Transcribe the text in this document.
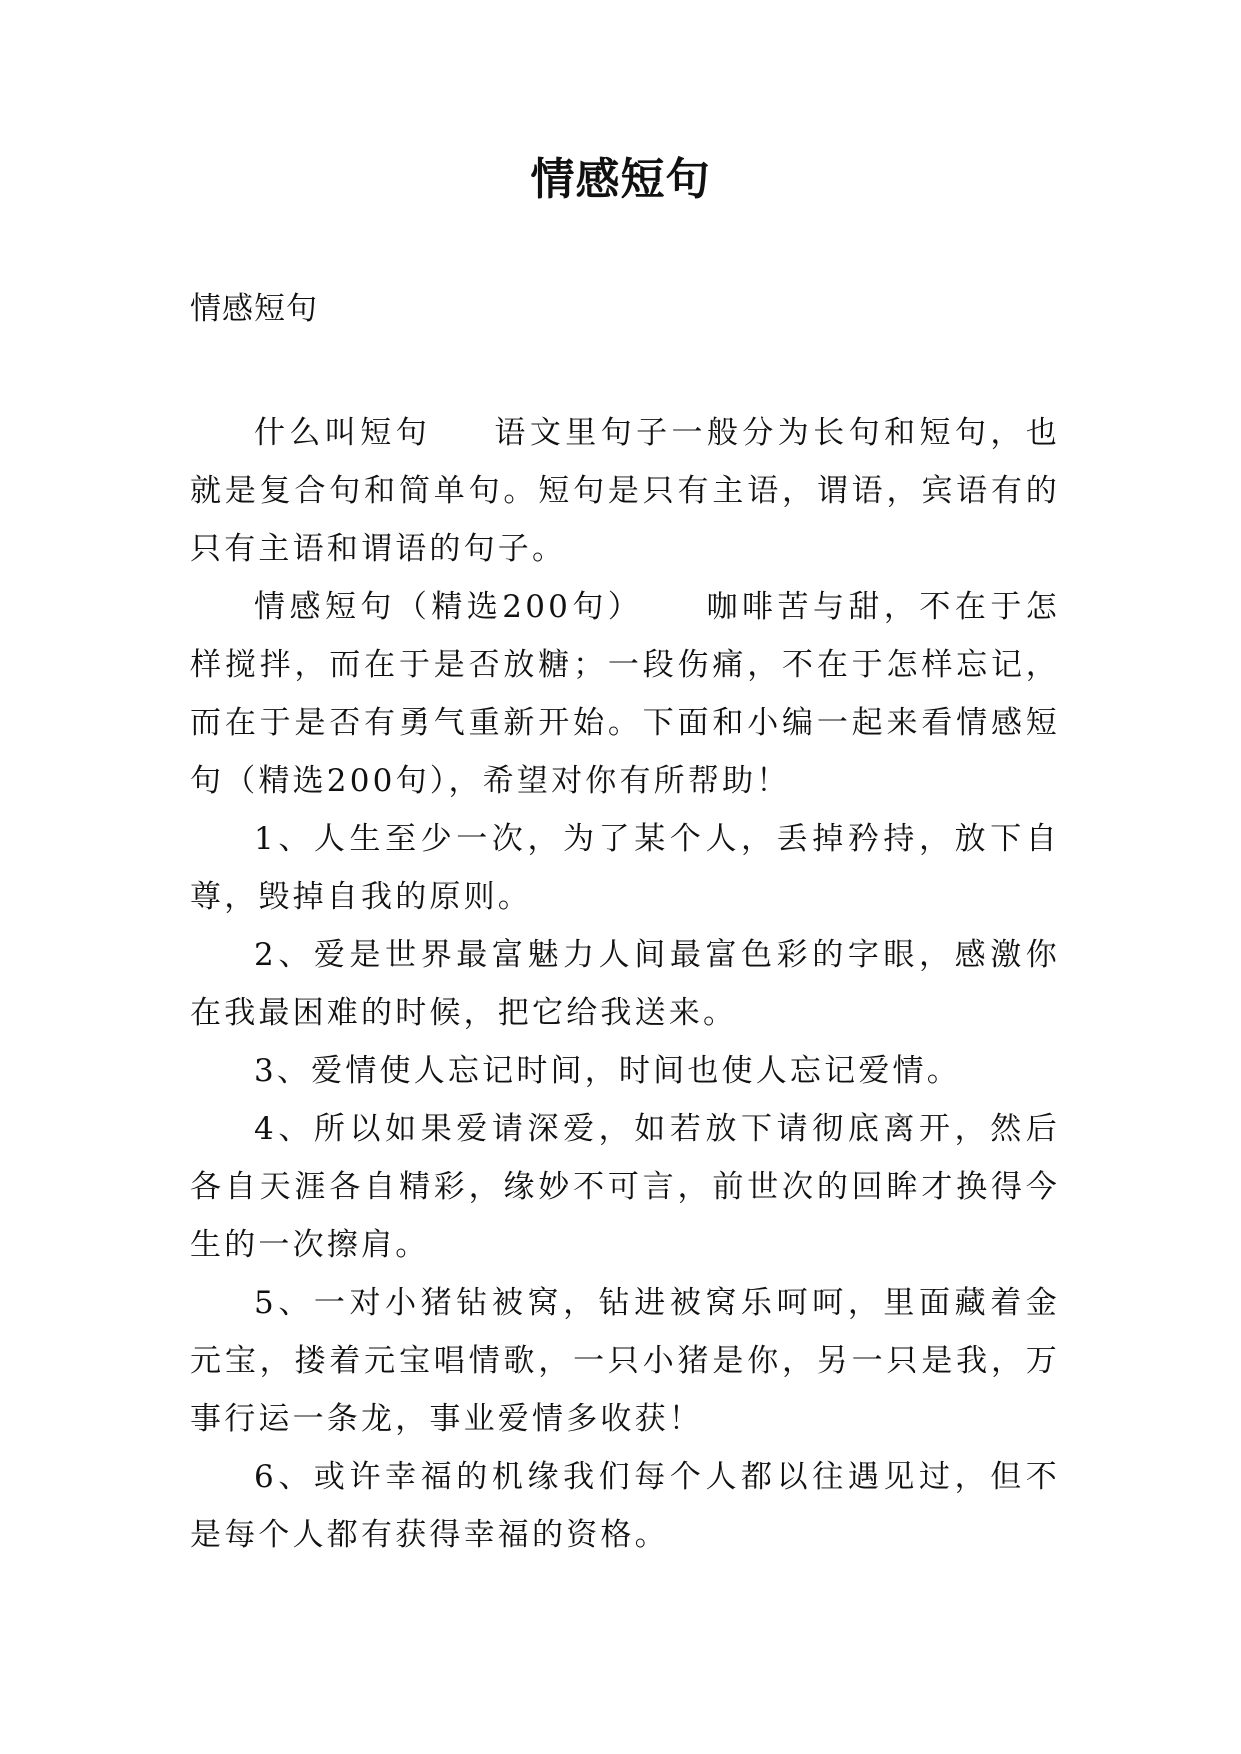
情感短句
情感短句

什么叫短句 语文里句子一般分为长句和短句，也就是复合句和简单句。短句是只有主语，谓语，宾语有的只有主语和谓语的句子。

情感短句（精选200句） 咖啡苦与甜，不在于怎样搅拌，而在于是否放糖；一段伤痛，不在于怎样忘记，而在于是否有勇气重新开始。下面和小编一起来看情感短句（精选200句），希望对你有所帮助！

1、人生至少一次，为了某个人，丢掉矜持，放下自尊，毁掉自我的原则。

2、爱是世界最富魅力人间最富色彩的字眼，感激你在我最困难的时候，把它给我送来。

3、爱情使人忘记时间，时间也使人忘记爱情。

4、所以如果爱请深爱，如若放下请彻底离开，然后各自天涯各自精彩，缘妙不可言，前世次的回眸才换得今生的一次擦肩。

5、一对小猪钻被窝，钻进被窝乐呵呵，里面藏着金元宝，搂着元宝唱情歌，一只小猪是你，另一只是我，万事行运一条龙，事业爱情多收获！

6、或许幸福的机缘我们每个人都以往遇见过，但不是每个人都有获得幸福的资格。
